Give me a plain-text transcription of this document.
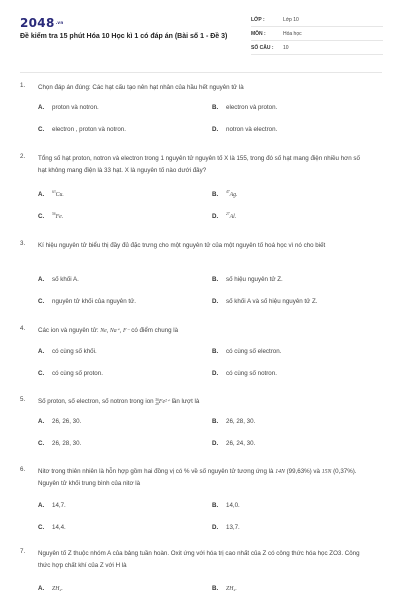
$2048^{.vn}$
Đề kiểm tra 15 phút Hóa 10 Học kì 1 có đáp án (Bài số 1 - Đề 3)
LỚP :	Lớp 10
MÔN :	Hóa học
SỐ CÂU :	10
1. Chọn đáp án đúng: Các hạt cấu tạo nên hạt nhân của hầu hết nguyên tử là
A. proton và notron.	B. electron và proton.
C. electron , proton và notron.	D. notron và electron.
2. Tổng số hạt proton, notron và electron trong 1 nguyên tử nguyên tố X là 155, trong đó số hạt mang điện nhiều hơn số hạt không mang điện là 33 hạt. X là nguyên tố nào dưới đây?
A. $^{63}$Cu.	B. $^{47}$Ag.
C. $^{56}$Fe.	D. $^{27}$Al.
3. Kí hiệu nguyên tử biểu thị đầy đủ đặc trưng cho một nguyên tử của một nguyên tố hoá học vì nó cho biết
A. số khối A.	B. số hiệu nguyên tử Z.
C. nguyên tử khối của nguyên tử.	D. số khối A và số hiệu nguyên tử Z.
4. Các ion và nguyên tử: Ne, Na⁺, F⁻ có điểm chung là
A. có cùng số khối.	B. có cùng số electron.
C. có cùng số proton.	D. có cùng số notron.
5. Số proton, số electron, số notron trong ion 56
26 Fe²⁺ lần lượt là
A. 26, 26, 30.	B. 26, 28, 30.
C. 26, 28, 30.	D. 26, 24, 30.
6. Nitơ trong thiên nhiên là hỗn hợp gồm hai đồng vị có % về số nguyên tử tương ứng là 14N (99,63%) và 15N (0,37%). Nguyên tử khối trung bình của nitơ là
A. 14,7.	B. 14,0.
C. 14,4.	D. 13,7.
7. Nguyên tố Z thuộc nhóm A của bảng tuần hoàn. Oxit ứng với hóa trị cao nhất của Z có công thức hóa học ZO3. Công thức hợp chất khí của Z với H là
A. ZH₂.	B. ZH₄.
